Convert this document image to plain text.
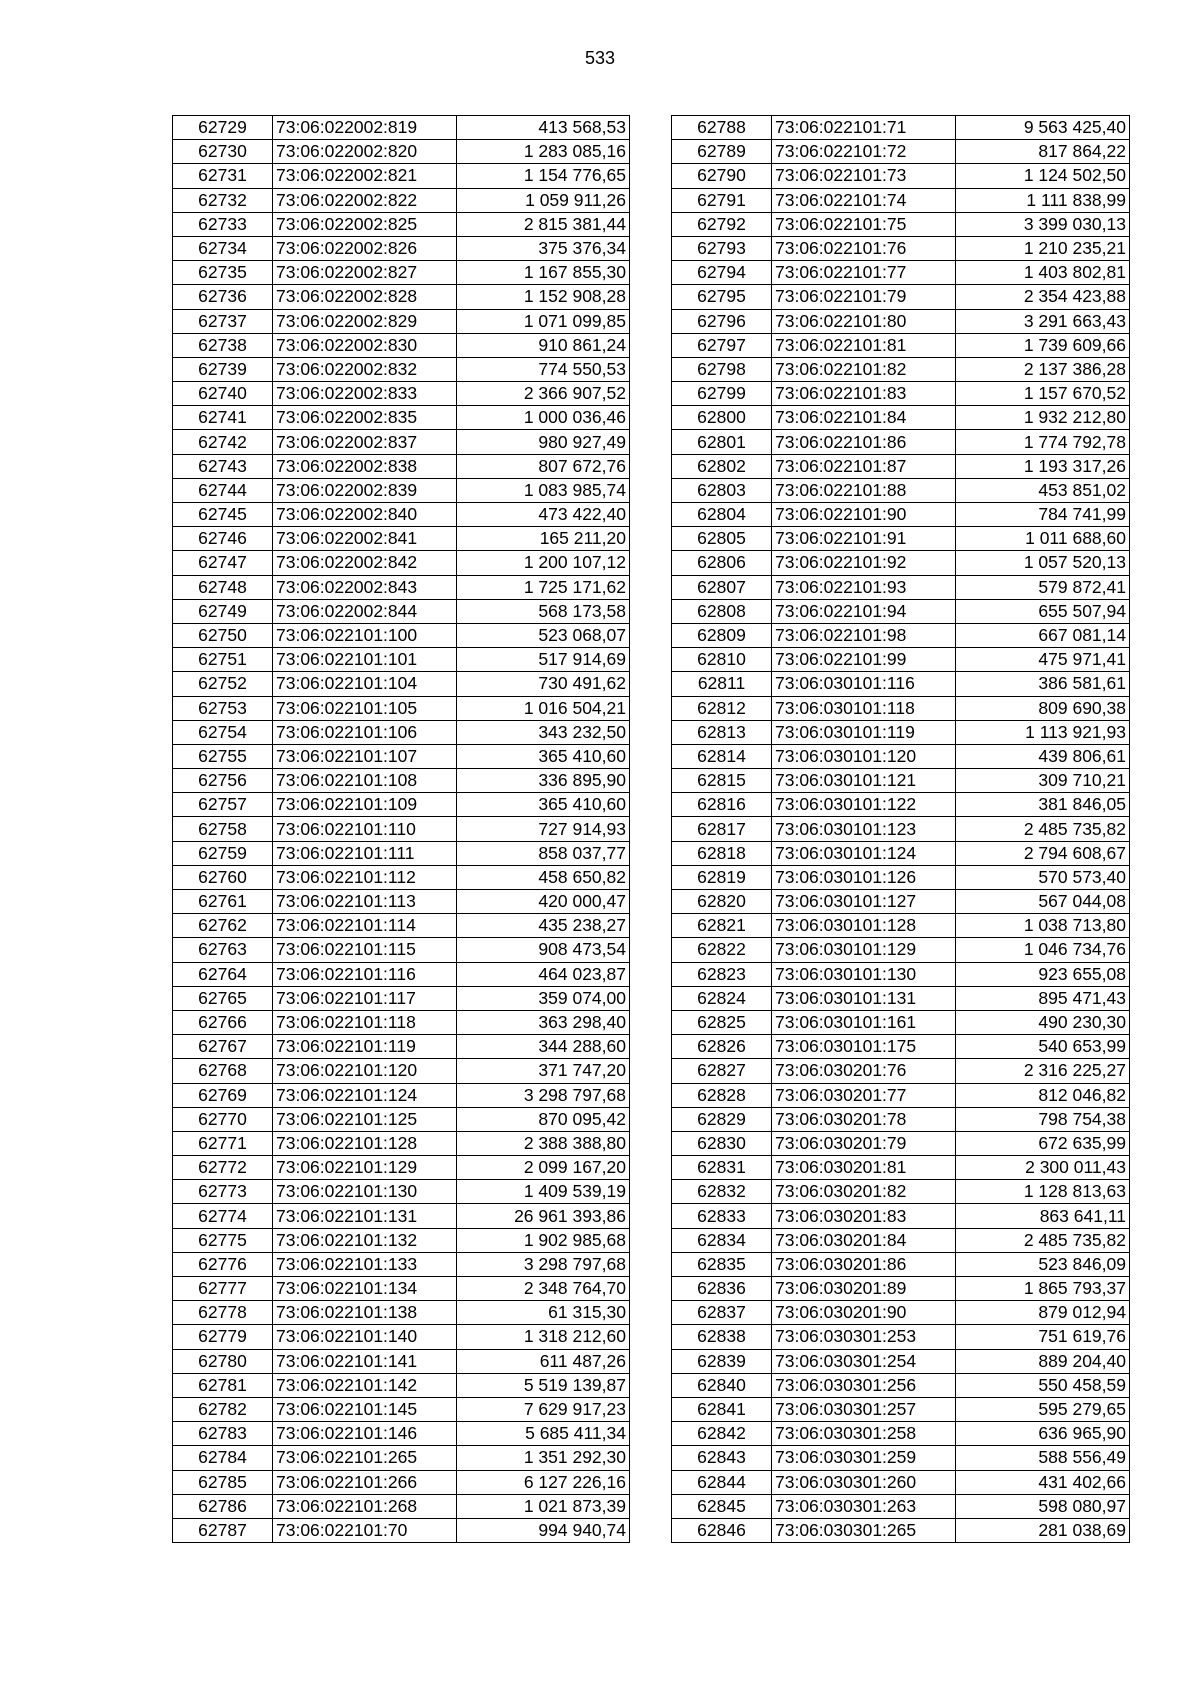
533
62729	73:06:022002:819	413 568,53
62730	73:06:022002:820	1 283 085,16
62731	73:06:022002:821	1 154 776,65
62732	73:06:022002:822	1 059 911,26
62733	73:06:022002:825	2 815 381,44
62734	73:06:022002:826	375 376,34
62735	73:06:022002:827	1 167 855,30
62736	73:06:022002:828	1 152 908,28
62737	73:06:022002:829	1 071 099,85
62738	73:06:022002:830	910 861,24
62739	73:06:022002:832	774 550,53
62740	73:06:022002:833	2 366 907,52
62741	73:06:022002:835	1 000 036,46
62742	73:06:022002:837	980 927,49
62743	73:06:022002:838	807 672,76
62744	73:06:022002:839	1 083 985,74
62745	73:06:022002:840	473 422,40
62746	73:06:022002:841	165 211,20
62747	73:06:022002:842	1 200 107,12
62748	73:06:022002:843	1 725 171,62
62749	73:06:022002:844	568 173,58
62750	73:06:022101:100	523 068,07
62751	73:06:022101:101	517 914,69
62752	73:06:022101:104	730 491,62
62753	73:06:022101:105	1 016 504,21
62754	73:06:022101:106	343 232,50
62755	73:06:022101:107	365 410,60
62756	73:06:022101:108	336 895,90
62757	73:06:022101:109	365 410,60
62758	73:06:022101:110	727 914,93
62759	73:06:022101:111	858 037,77
62760	73:06:022101:112	458 650,82
62761	73:06:022101:113	420 000,47
62762	73:06:022101:114	435 238,27
62763	73:06:022101:115	908 473,54
62764	73:06:022101:116	464 023,87
62765	73:06:022101:117	359 074,00
62766	73:06:022101:118	363 298,40
62767	73:06:022101:119	344 288,60
62768	73:06:022101:120	371 747,20
62769	73:06:022101:124	3 298 797,68
62770	73:06:022101:125	870 095,42
62771	73:06:022101:128	2 388 388,80
62772	73:06:022101:129	2 099 167,20
62773	73:06:022101:130	1 409 539,19
62774	73:06:022101:131	26 961 393,86
62775	73:06:022101:132	1 902 985,68
62776	73:06:022101:133	3 298 797,68
62777	73:06:022101:134	2 348 764,70
62778	73:06:022101:138	61 315,30
62779	73:06:022101:140	1 318 212,60
62780	73:06:022101:141	611 487,26
62781	73:06:022101:142	5 519 139,87
62782	73:06:022101:145	7 629 917,23
62783	73:06:022101:146	5 685 411,34
62784	73:06:022101:265	1 351 292,30
62785	73:06:022101:266	6 127 226,16
62786	73:06:022101:268	1 021 873,39
62787	73:06:022101:70	994 940,74
62788	73:06:022101:71	9 563 425,40
62789	73:06:022101:72	817 864,22
62790	73:06:022101:73	1 124 502,50
62791	73:06:022101:74	1 111 838,99
62792	73:06:022101:75	3 399 030,13
62793	73:06:022101:76	1 210 235,21
62794	73:06:022101:77	1 403 802,81
62795	73:06:022101:79	2 354 423,88
62796	73:06:022101:80	3 291 663,43
62797	73:06:022101:81	1 739 609,66
62798	73:06:022101:82	2 137 386,28
62799	73:06:022101:83	1 157 670,52
62800	73:06:022101:84	1 932 212,80
62801	73:06:022101:86	1 774 792,78
62802	73:06:022101:87	1 193 317,26
62803	73:06:022101:88	453 851,02
62804	73:06:022101:90	784 741,99
62805	73:06:022101:91	1 011 688,60
62806	73:06:022101:92	1 057 520,13
62807	73:06:022101:93	579 872,41
62808	73:06:022101:94	655 507,94
62809	73:06:022101:98	667 081,14
62810	73:06:022101:99	475 971,41
62811	73:06:030101:116	386 581,61
62812	73:06:030101:118	809 690,38
62813	73:06:030101:119	1 113 921,93
62814	73:06:030101:120	439 806,61
62815	73:06:030101:121	309 710,21
62816	73:06:030101:122	381 846,05
62817	73:06:030101:123	2 485 735,82
62818	73:06:030101:124	2 794 608,67
62819	73:06:030101:126	570 573,40
62820	73:06:030101:127	567 044,08
62821	73:06:030101:128	1 038 713,80
62822	73:06:030101:129	1 046 734,76
62823	73:06:030101:130	923 655,08
62824	73:06:030101:131	895 471,43
62825	73:06:030101:161	490 230,30
62826	73:06:030101:175	540 653,99
62827	73:06:030201:76	2 316 225,27
62828	73:06:030201:77	812 046,82
62829	73:06:030201:78	798 754,38
62830	73:06:030201:79	672 635,99
62831	73:06:030201:81	2 300 011,43
62832	73:06:030201:82	1 128 813,63
62833	73:06:030201:83	863 641,11
62834	73:06:030201:84	2 485 735,82
62835	73:06:030201:86	523 846,09
62836	73:06:030201:89	1 865 793,37
62837	73:06:030201:90	879 012,94
62838	73:06:030301:253	751 619,76
62839	73:06:030301:254	889 204,40
62840	73:06:030301:256	550 458,59
62841	73:06:030301:257	595 279,65
62842	73:06:030301:258	636 965,90
62843	73:06:030301:259	588 556,49
62844	73:06:030301:260	431 402,66
62845	73:06:030301:263	598 080,97
62846	73:06:030301:265	281 038,69
